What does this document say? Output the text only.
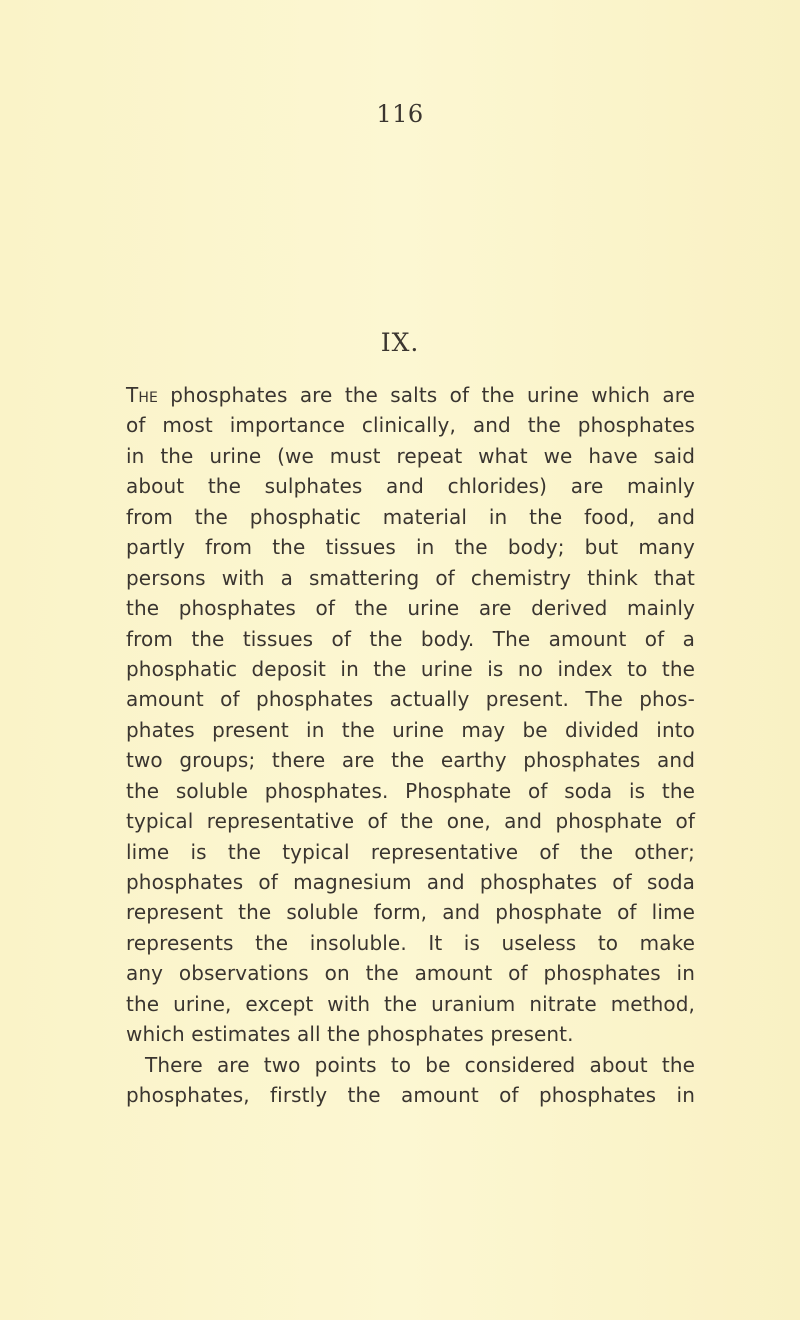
116
IX.
The phosphates are the salts of the urine which are
of most importance clinically, and the phosphates
in the urine (we must repeat what we have said
about the sulphates and chlorides) are mainly
from the phosphatic material in the food, and
partly from the tissues in the body; but many
persons with a smattering of chemistry think that
the phosphates of the urine are derived mainly
from the tissues of the body. The amount of a
phosphatic deposit in the urine is no index to the
amount of phosphates actually present. The phos-
phates present in the urine may be divided into
two groups; there are the earthy phosphates and
the soluble phosphates. Phosphate of soda is the
typical representative of the one, and phosphate of
lime is the typical representative of the other;
phosphates of magnesium and phosphates of soda
represent the soluble form, and phosphate of lime
represents the insoluble. It is useless to make
any observations on the amount of phosphates in
the urine, except with the uranium nitrate method,
which estimates all the phosphates present.
There are two points to be considered about the
phosphates, firstly the amount of phosphates in
